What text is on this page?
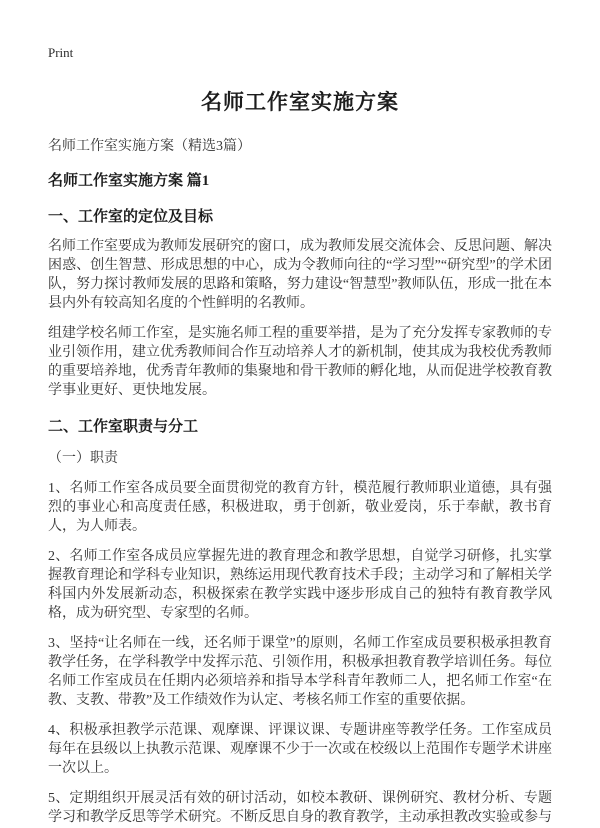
Print
名师工作室实施方案

名师工作室实施方案（精选3篇）

名师工作室实施方案 篇1
一、工作室的定位及目标

名师工作室要成为教师发展研究的窗口，成为教师发展交流体会、反思问题、解决困惑、创生智慧、形成思想的中心，成为令教师向往的“学习型”“研究型”的学术团队，努力探讨教师发展的思路和策略，努力建设“智慧型”教师队伍，形成一批在本县内外有较高知名度的个性鲜明的名教师。

组建学校名师工作室，是实施名师工程的重要举措，是为了充分发挥专家教师的专业引领作用，建立优秀教师间合作互动培养人才的新机制，使其成为我校优秀教师的重要培养地，优秀青年教师的集聚地和骨干教师的孵化地，从而促进学校教育教学事业更好、更快地发展。

二、工作室职责与分工

（一）职责

1、名师工作室各成员要全面贯彻党的教育方针，模范履行教师职业道德，具有强烈的事业心和高度责任感，积极进取，勇于创新，敬业爱岗，乐于奉献，教书育人，为人师表。

2、名师工作室各成员应掌握先进的教育理念和教学思想，自觉学习研修，扎实掌握教育理论和学科专业知识，熟练运用现代教育技术手段；主动学习和了解相关学科国内外发展新动态，积极探索在教学实践中逐步形成自己的独特有教育教学风格，成为研究型、专家型的名师。

3、坚持“让名师在一线，还名师于课堂”的原则，名师工作室成员要积极承担教育教学任务，在学科教学中发挥示范、引领作用，积极承担教育教学培训任务。每位名师工作室成员在任期内必须培养和指导本学科青年教师二人，把名师工作室“在教、支教、带教”及工作绩效作为认定、考核名师工作室的重要依据。

4、积极承担教学示范课、观摩课、评课议课、专题讲座等教学任务。工作室成员每年在县级以上执教示范课、观摩课不少于一次或在校级以上范围作专题学术讲座一次以上。

5、定期组织开展灵活有效的研讨活动，如校本教研、课例研究、教材分析、专题学习和教学反思等学术研究。不断反思自身的教育教学，主动承担教改实验或参与
